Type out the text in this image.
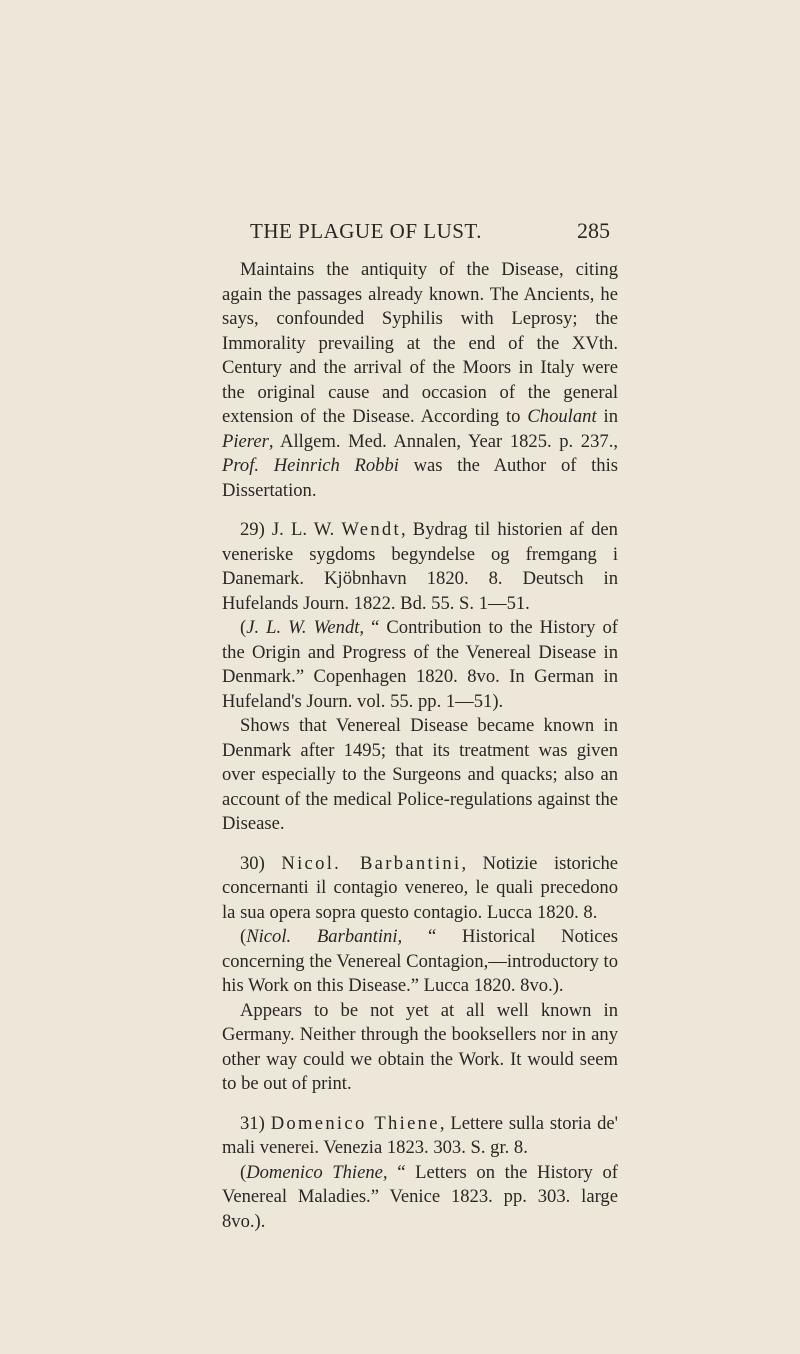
THE PLAGUE OF LUST.	285

Maintains the antiquity of the Disease, citing again the passages already known. The Ancients, he says, confounded Syphilis with Leprosy; the Immorality prevailing at the end of the XVth. Century and the arrival of the Moors in Italy were the original cause and occasion of the general extension of the Disease. According to Choulant in Pierer, Allgem. Med. Annalen, Year 1825. p. 237., Prof. Heinrich Robbi was the Author of this Dissertation.

29) J. L. W. Wendt, Bydrag til historien af den veneriske sygdoms begyndelse og fremgang i Danemark. Kjöbnhavn 1820. 8. Deutsch in Hufelands Journ. 1822. Bd. 55. S. 1—51.

(J. L. W. Wendt, “ Contribution to the History of the Origin and Progress of the Venereal Disease in Denmark.” Copenhagen 1820. 8vo. In German in Hufeland's Journ. vol. 55. pp. 1—51).

Shows that Venereal Disease became known in Denmark after 1495; that its treatment was given over especially to the Surgeons and quacks; also an account of the medical Police-regulations against the Disease.

30) Nicol. Barbantini, Notizie istoriche concernanti il contagio venereo, le quali precedono la sua opera sopra questo contagio. Lucca 1820. 8.

(Nicol. Barbantini, “ Historical Notices concerning the Venereal Contagion,—introductory to his Work on this Disease.” Lucca 1820. 8vo.).

Appears to be not yet at all well known in Germany. Neither through the booksellers nor in any other way could we obtain the Work. It would seem to be out of print.

31) Domenico Thiene, Lettere sulla storia de' mali venerei. Venezia 1823. 303. S. gr. 8.

(Domenico Thiene, “ Letters on the History of Venereal Maladies.” Venice 1823. pp. 303. large 8vo.).
